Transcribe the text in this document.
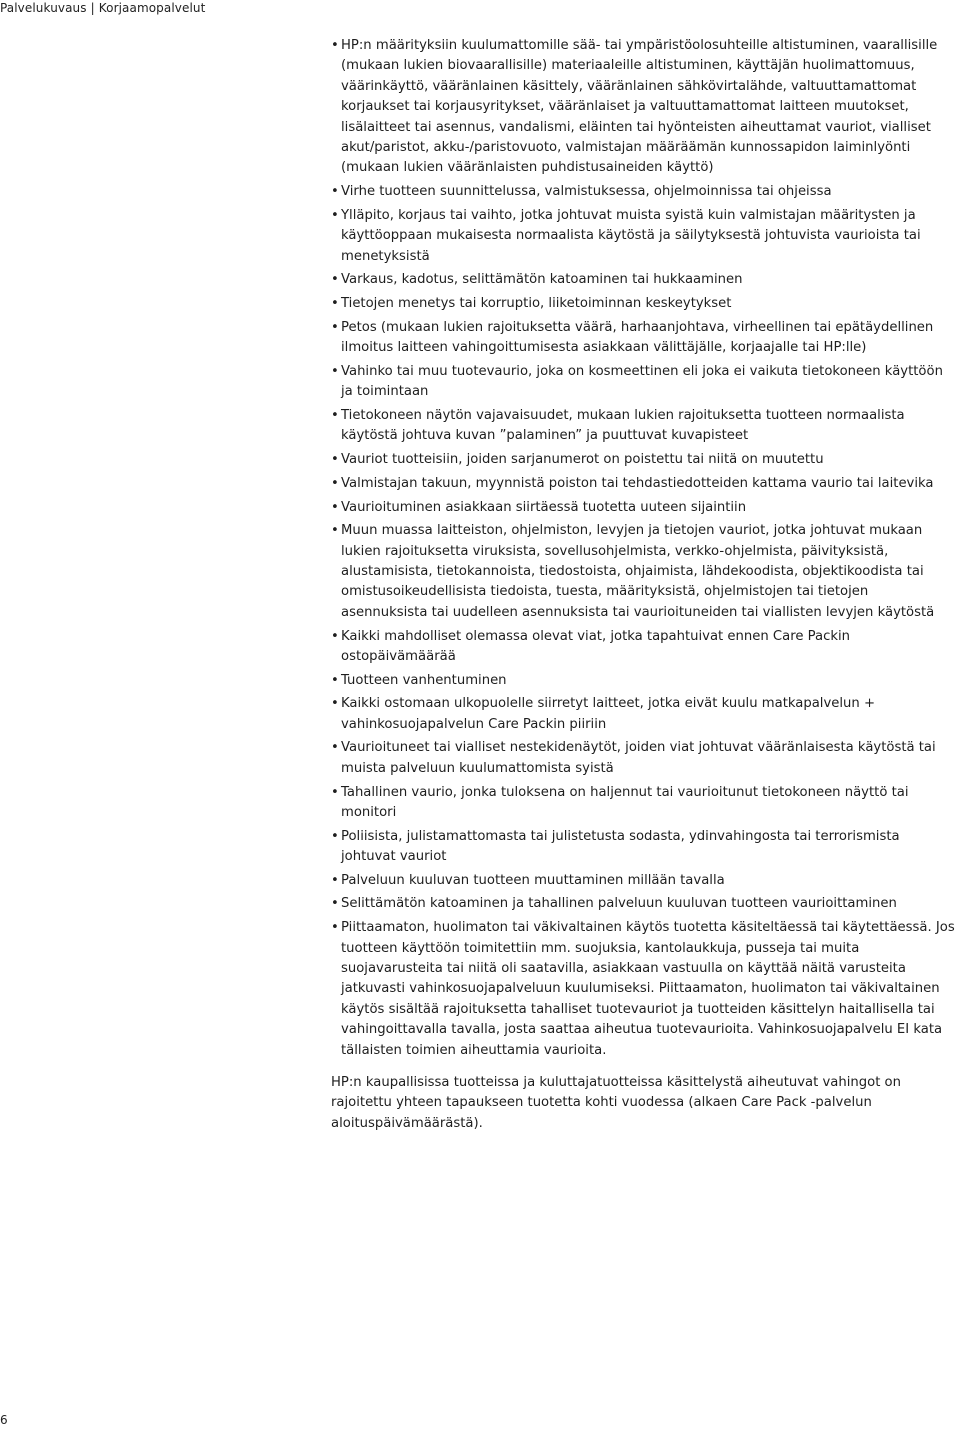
Palvelukuvaus | Korjaamopalvelut
• HP:n määrityksiin kuulumattomille sää- tai ympäristöolosuhteille altistuminen, vaarallisille (mukaan lukien biovaarallisille) materiaaleille altistuminen, käyttäjän huolimattomuus, väärinkäyttö, vääränlainen käsittely, vääränlainen sähkövirtalähde, valtuuttamattomat korjaukset tai korjausyritykset, vääränlaiset ja valtuuttamattomat laitteen muutokset, lisälaitteet tai asennus, vandalismi, eläinten tai hyönteisten aiheuttamat vauriot, vialliset akut/paristot, akku-/paristovuoto, valmistajan määräämän kunnossapidon laiminlyönti (mukaan lukien vääränlaisten puhdistusaineiden käyttö)
• Virhe tuotteen suunnittelussa, valmistuksessa, ohjelmoinnissa tai ohjeissa
• Ylläpito, korjaus tai vaihto, jotka johtuvat muista syistä kuin valmistajan määritysten ja käyttöoppaan mukaisesta normaalista käytöstä ja säilytyksestä johtuvista vaurioista tai menetyksistä
• Varkaus, kadotus, selittämätön katoaminen tai hukkaaminen
• Tietojen menetys tai korruptio, liiketoiminnan keskeytykset
• Petos (mukaan lukien rajoituksetta väärä, harhaanjohtava, virheellinen tai epätäydellinen ilmoitus laitteen vahingoittumisesta asiakkaan välittäjälle, korjaajalle tai HP:lle)
• Vahinko tai muu tuotevaurio, joka on kosmeettinen eli joka ei vaikuta tietokoneen käyttöön ja toimintaan
• Tietokoneen näytön vajavaisuudet, mukaan lukien rajoituksetta tuotteen normaalista käytöstä johtuva kuvan ”palaminen” ja puuttuvat kuvapisteet
• Vauriot tuotteisiin, joiden sarjanumerot on poistettu tai niitä on muutettu
• Valmistajan takuun, myynnistä poiston tai tehdastiedotteiden kattama vaurio tai laitevika
• Vaurioituminen asiakkaan siirtäessä tuotetta uuteen sijaintiin
• Muun muassa laitteiston, ohjelmiston, levyjen ja tietojen vauriot, jotka johtuvat mukaan lukien rajoituksetta viruksista, sovellusohjelmista, verkko-ohjelmista, päivityksistä, alustamisista, tietokannoista, tiedostoista, ohjaimista, lähdekoodista, objektikoodista tai omistusoikeudellisista tiedoista, tuesta, määrityksistä, ohjelmistojen tai tietojen asennuksista tai uudelleen asennuksista tai vaurioituneiden tai viallisten levyjen käytöstä
• Kaikki mahdolliset olemassa olevat viat, jotka tapahtuivat ennen Care Packin ostopäivämäärää
• Tuotteen vanhentuminen
• Kaikki ostomaan ulkopuolelle siirretyt laitteet, jotka eivät kuulu matkapalvelun + vahinkosuojapalvelun Care Packin piiriin
• Vaurioituneet tai vialliset nestekidenäytöt, joiden viat johtuvat vääränlaisesta käytöstä tai muista palveluun kuulumattomista syistä
• Tahallinen vaurio, jonka tuloksena on haljennut tai vaurioitunut tietokoneen näyttö tai monitori
• Poliisista, julistamattomasta tai julistetusta sodasta, ydinvahingosta tai terrorismista johtuvat vauriot
• Palveluun kuuluvan tuotteen muuttaminen millään tavalla
• Selittämätön katoaminen ja tahallinen palveluun kuuluvan tuotteen vaurioittaminen
• Piittaamaton, huolimaton tai väkivaltainen käytös tuotetta käsiteltäessä tai käytettäessä. Jos tuotteen käyttöön toimitettiin mm. suojuksia, kantolaukkuja, pusseja tai muita suojavarusteita tai niitä oli saatavilla, asiakkaan vastuulla on käyttää näitä varusteita jatkuvasti vahinkosuojapalveluun kuulumiseksi. Piittaamaton, huolimaton tai väkivaltainen käytös sisältää rajoituksetta tahalliset tuotevauriot ja tuotteiden käsittelyn haitallisella tai vahingoittavalla tavalla, josta saattaa aiheutua tuotevaurioita. Vahinkosuojapalvelu EI kata tällaisten toimien aiheuttamia vaurioita.

HP:n kaupallisissa tuotteissa ja kuluttajatuotteissa käsittelystä aiheutuvat vahingot on rajoitettu yhteen tapaukseen tuotetta kohti vuodessa (alkaen Care Pack -palvelun aloituspäivämäärästä).

6
